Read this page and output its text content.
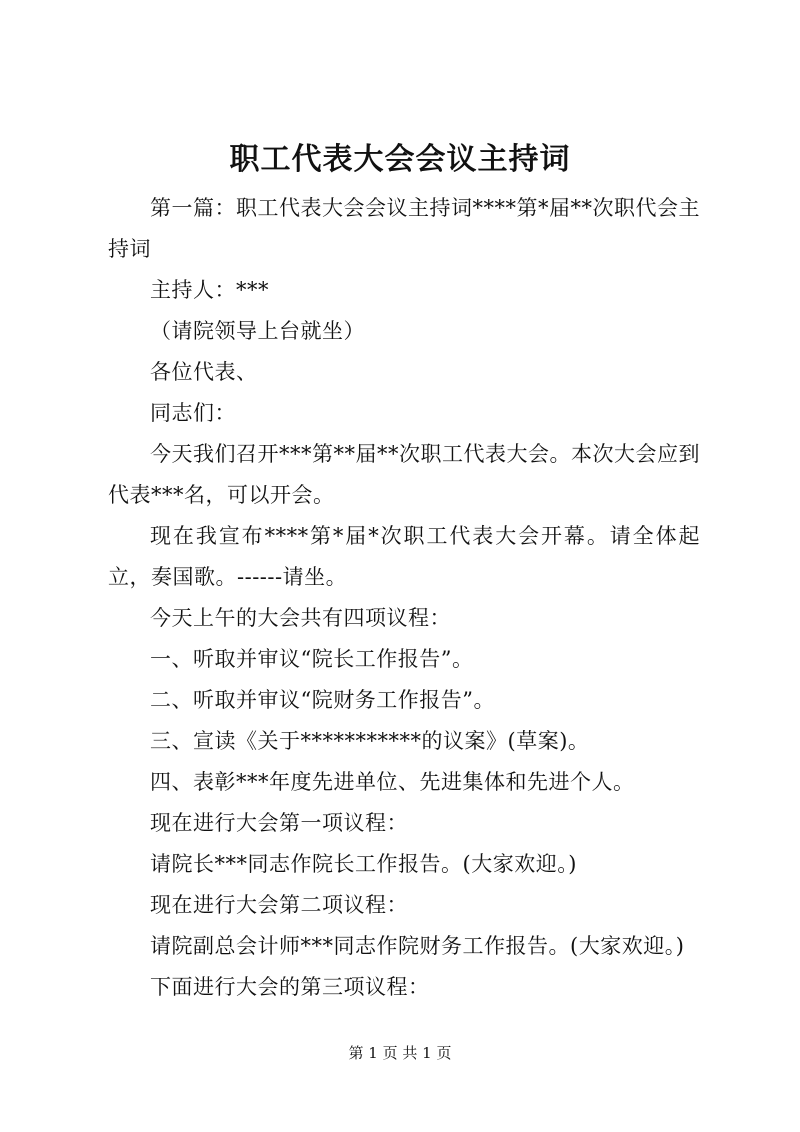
职工代表大会会议主持词

第一篇：职工代表大会会议主持词****第*届**次职代会主持词

主持人：***

（请院领导上台就坐）

各位代表、

同志们：

今天我们召开***第**届**次职工代表大会。本次大会应到代表***名，可以开会。

现在我宣布****第*届*次职工代表大会开幕。请全体起立，奏国歌。------请坐。

今天上午的大会共有四项议程：

一、听取并审议“院长工作报告”。

二、听取并审议“院财务工作报告”。

三、宣读《关于***********的议案》(草案)。

四、表彰***年度先进单位、先进集体和先进个人。

现在进行大会第一项议程：

请院长***同志作院长工作报告。(大家欢迎。)

现在进行大会第二项议程：

请院副总会计师***同志作院财务工作报告。(大家欢迎。)

下面进行大会的第三项议程：

第 1 页 共 1 页
